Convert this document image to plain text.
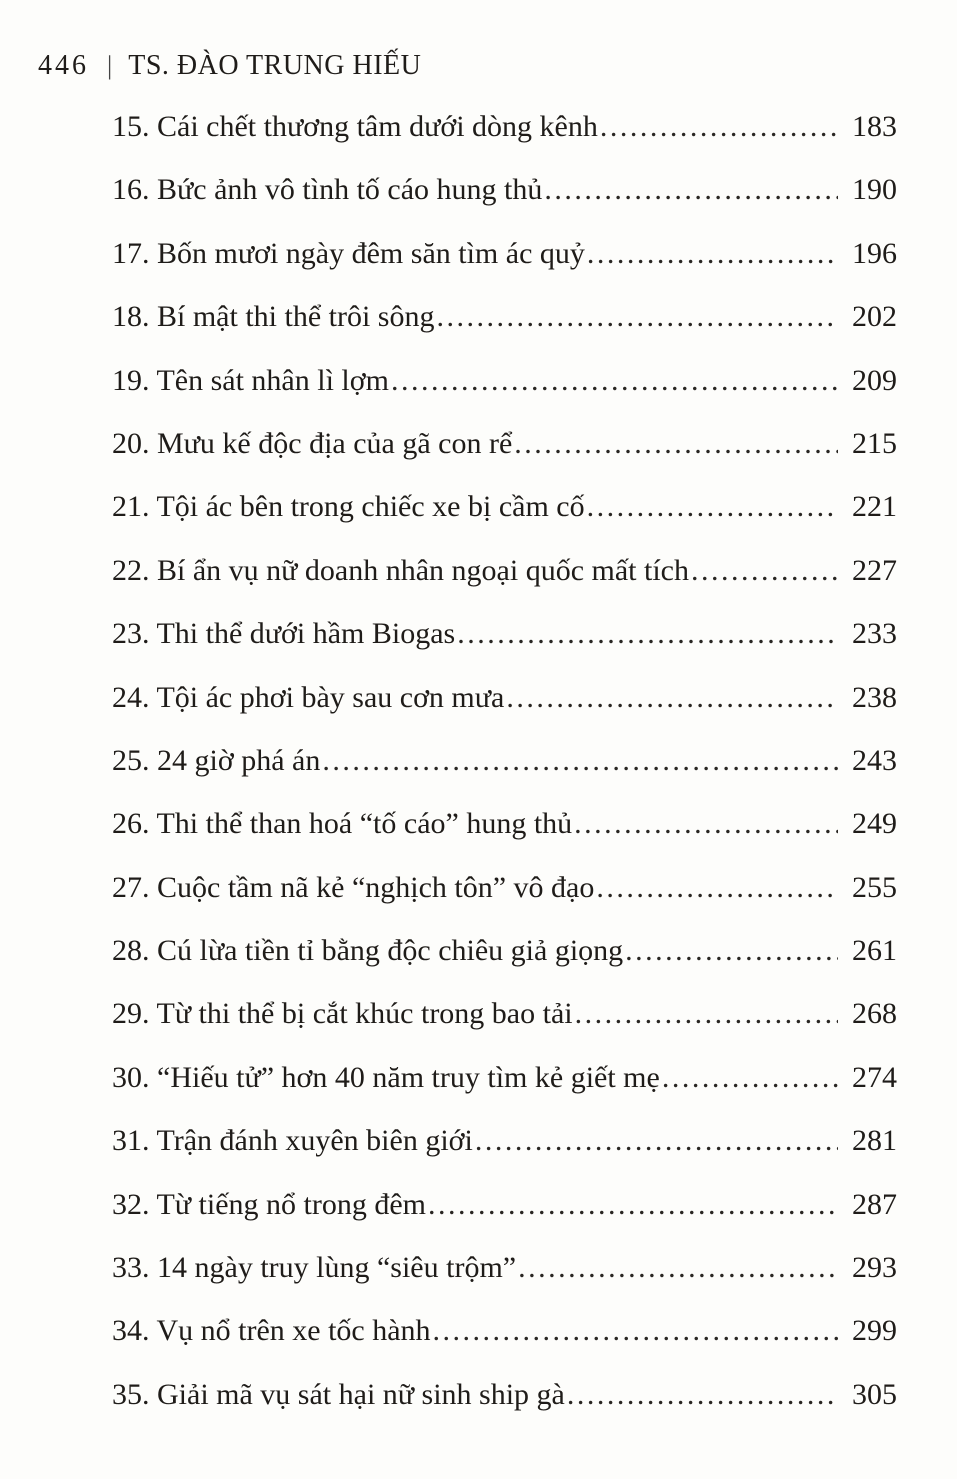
446 | TS. ĐÀO TRUNG HIẾU
15. Cái chết thương tâm dưới dòng kênh .....	183
16. Bức ảnh vô tình tố cáo hung thủ .....	190
17. Bốn mươi ngày đêm săn tìm ác quỷ .....	196
18. Bí mật thi thể trôi sông .....	202
19. Tên sát nhân lì lợm .....	209
20. Mưu kế độc địa của gã con rể .....	215
21. Tội ác bên trong chiếc xe bị cầm cố .....	221
22. Bí ẩn vụ nữ doanh nhân ngoại quốc mất tích .....	227
23. Thi thể dưới hầm Biogas .....	233
24. Tội ác phơi bày sau cơn mưa .....	238
25. 24 giờ phá án .....	243
26. Thi thể than hoá “tố cáo” hung thủ .....	249
27. Cuộc tầm nã kẻ “nghịch tôn” vô đạo .....	255
28. Cú lừa tiền tỉ bằng độc chiêu giả giọng .....	261
29. Từ thi thể bị cắt khúc trong bao tải .....	268
30. “Hiếu tử” hơn 40 năm truy tìm kẻ giết mẹ .....	274
31. Trận đánh xuyên biên giới .....	281
32. Từ tiếng nổ trong đêm .....	287
33. 14 ngày truy lùng “siêu trộm” .....	293
34. Vụ nổ trên xe tốc hành .....	299
35. Giải mã vụ sát hại nữ sinh ship gà .....	305
